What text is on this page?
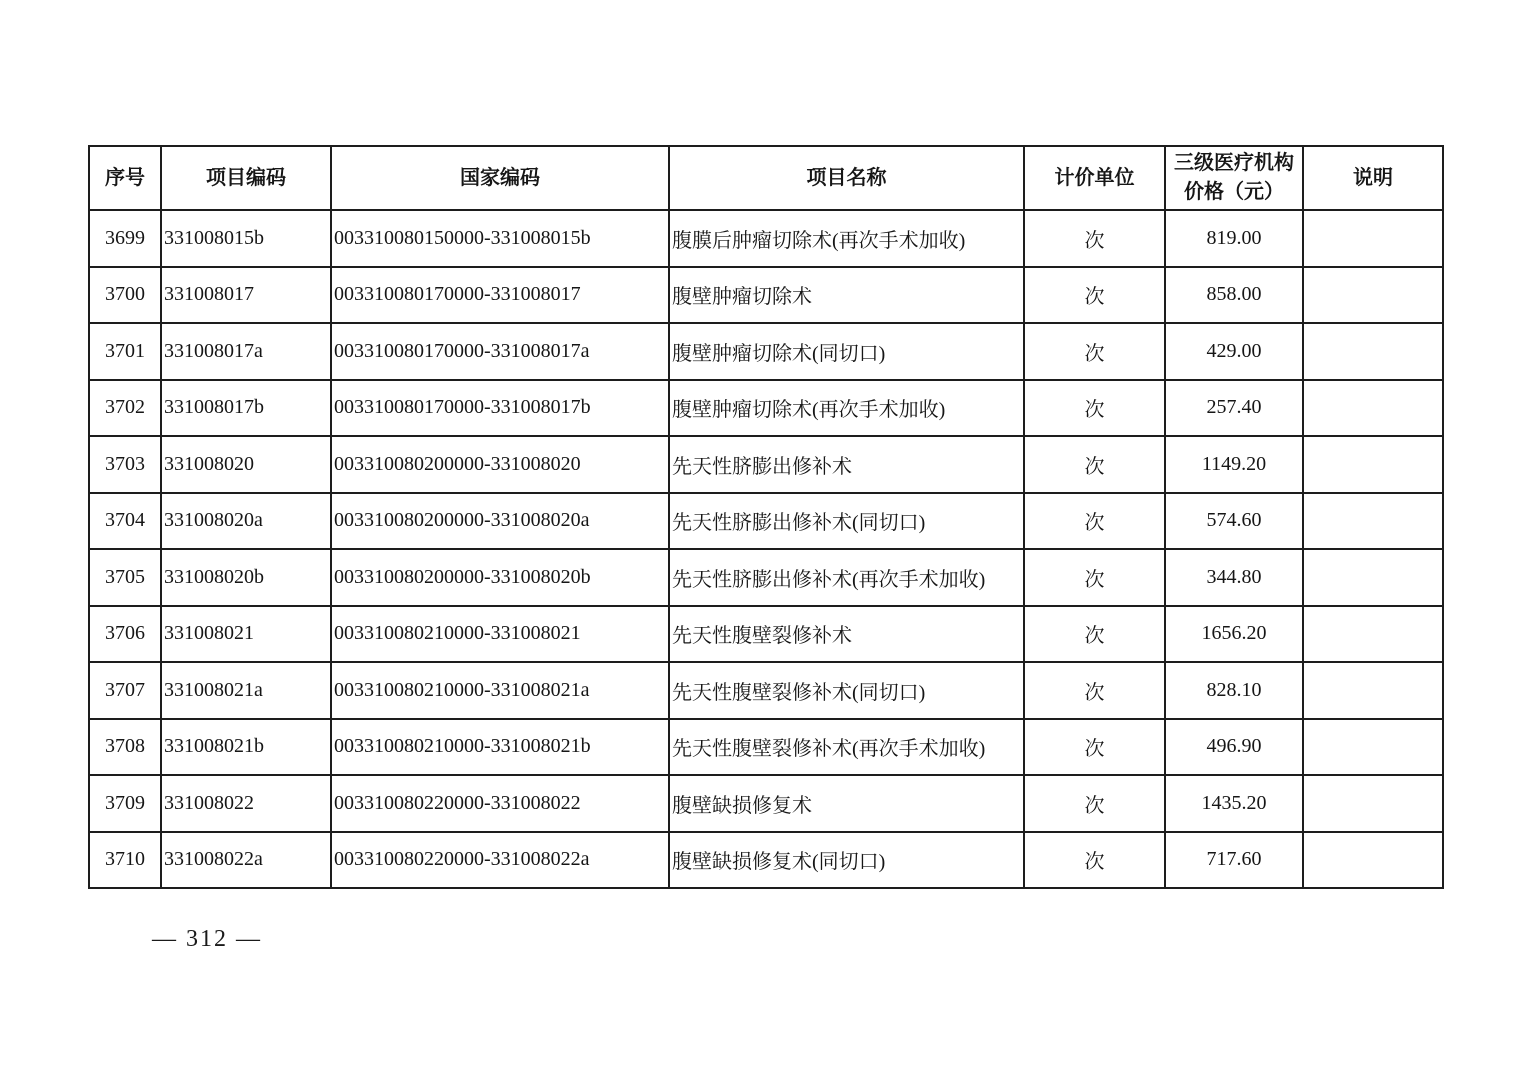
序号	项目编码	国家编码	项目名称	计价单位	三级医疗机构价格（元）	说明
3699	331008015b	003310080150000-331008015b	腹膜后肿瘤切除术(再次手术加收)	次	819.00	
3700	331008017	003310080170000-331008017	腹壁肿瘤切除术	次	858.00	
3701	331008017a	003310080170000-331008017a	腹壁肿瘤切除术(同切口)	次	429.00	
3702	331008017b	003310080170000-331008017b	腹壁肿瘤切除术(再次手术加收)	次	257.40	
3703	331008020	003310080200000-331008020	先天性脐膨出修补术	次	1149.20	
3704	331008020a	003310080200000-331008020a	先天性脐膨出修补术(同切口)	次	574.60	
3705	331008020b	003310080200000-331008020b	先天性脐膨出修补术(再次手术加收)	次	344.80	
3706	331008021	003310080210000-331008021	先天性腹壁裂修补术	次	1656.20	
3707	331008021a	003310080210000-331008021a	先天性腹壁裂修补术(同切口)	次	828.10	
3708	331008021b	003310080210000-331008021b	先天性腹壁裂修补术(再次手术加收)	次	496.90	
3709	331008022	003310080220000-331008022	腹壁缺损修复术	次	1435.20	
3710	331008022a	003310080220000-331008022a	腹壁缺损修复术(同切口)	次	717.60	
— 312 —
